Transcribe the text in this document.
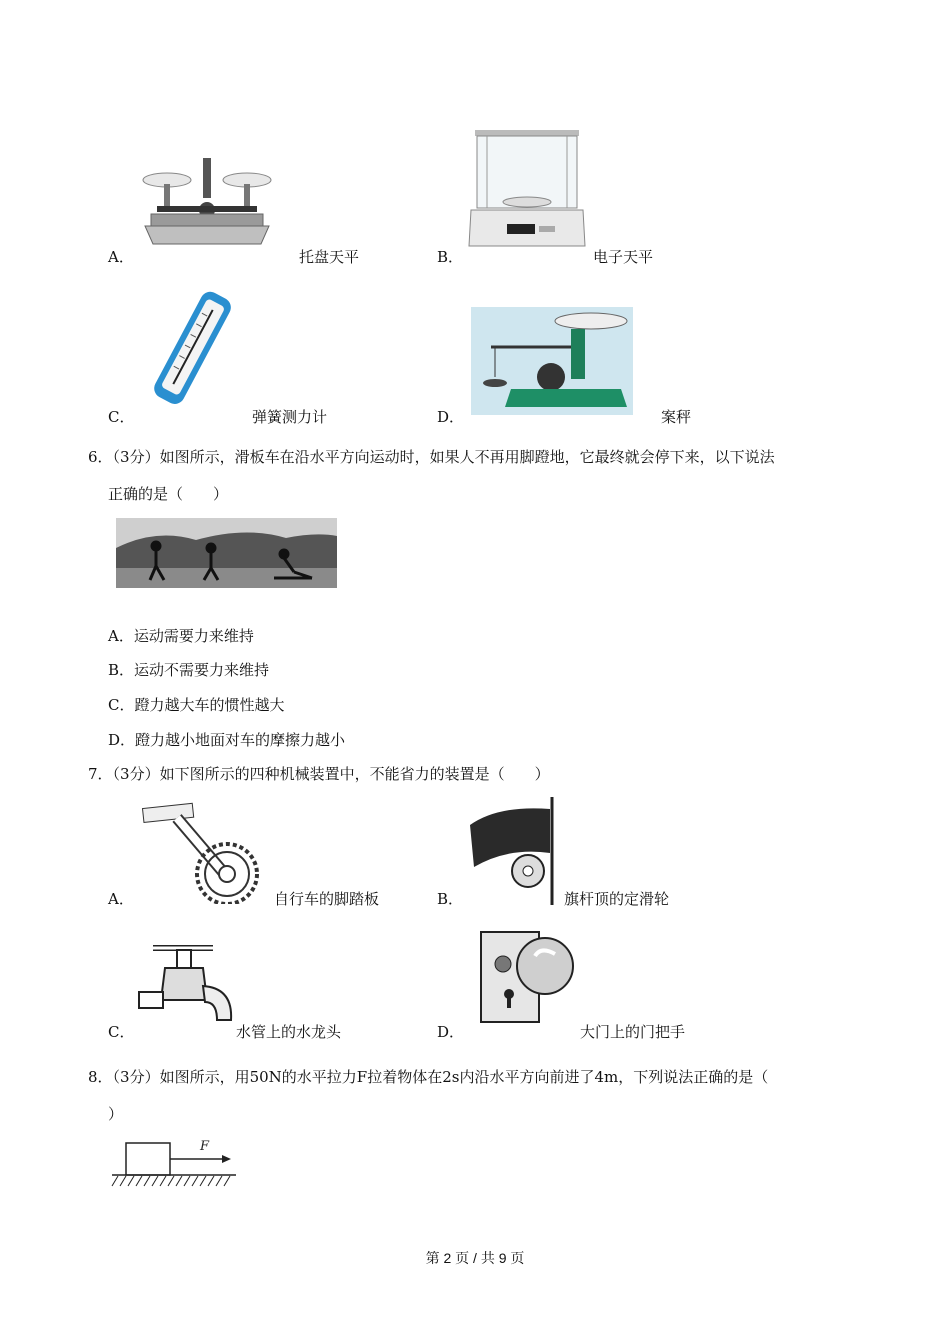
A．	托盘天平	B．	电子天平
C．	弹簧测力计	D．	案秤
6．（3分）如图所示，滑板车在沿水平方向运动时，如果人不再用脚蹬地，它最终就会停下来，以下说法
正确的是（　　）
A．运动需要力来维持
B．运动不需要力来维持
C．蹬力越大车的惯性越大
D．蹬力越小地面对车的摩擦力越小
7．（3分）如下图所示的四种机械装置中，不能省力的装置是（　　）
A．	自行车的脚踏板	B．	旗杆顶的定滑轮
C．	水管上的水龙头	D．	大门上的门把手
8．（3分）如图所示，用50N的水平拉力F拉着物体在2s内沿水平方向前进了4m，下列说法正确的是（
）
F
第 2 页 / 共 9 页
